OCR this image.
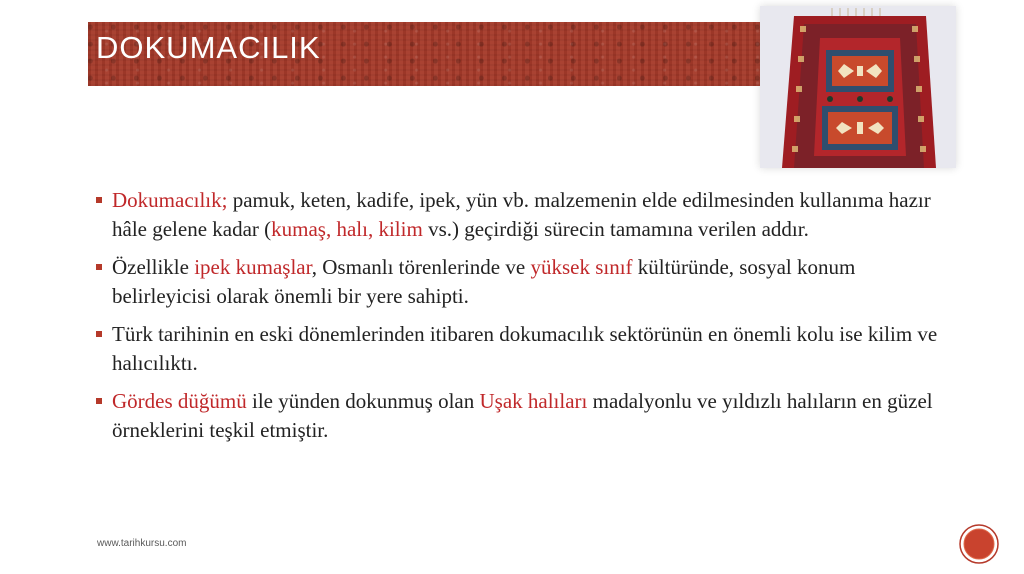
DOKUMACILIK
Dokumacılık; pamuk, keten, kadife, ipek, yün vb. malzemenin elde edilmesinden kullanıma hazır hâle gelene kadar (kumaş, halı, kilim vs.) geçirdiği sürecin tamamına verilen addır.
Özellikle ipek kumaşlar, Osmanlı törenlerinde ve yüksek sınıf kültüründe, sosyal konum belirleyicisi olarak önemli bir yere sahipti.
Türk tarihinin en eski dönemlerinden itibaren dokumacılık sektörünün en önemli kolu ise kilim ve halıcılıktı.
Gördes düğümü ile yünden dokunmuş olan Uşak halıları madalyonlu ve yıldızlı halıların en güzel örneklerini teşkil etmiştir.
www.tarihkursu.com
